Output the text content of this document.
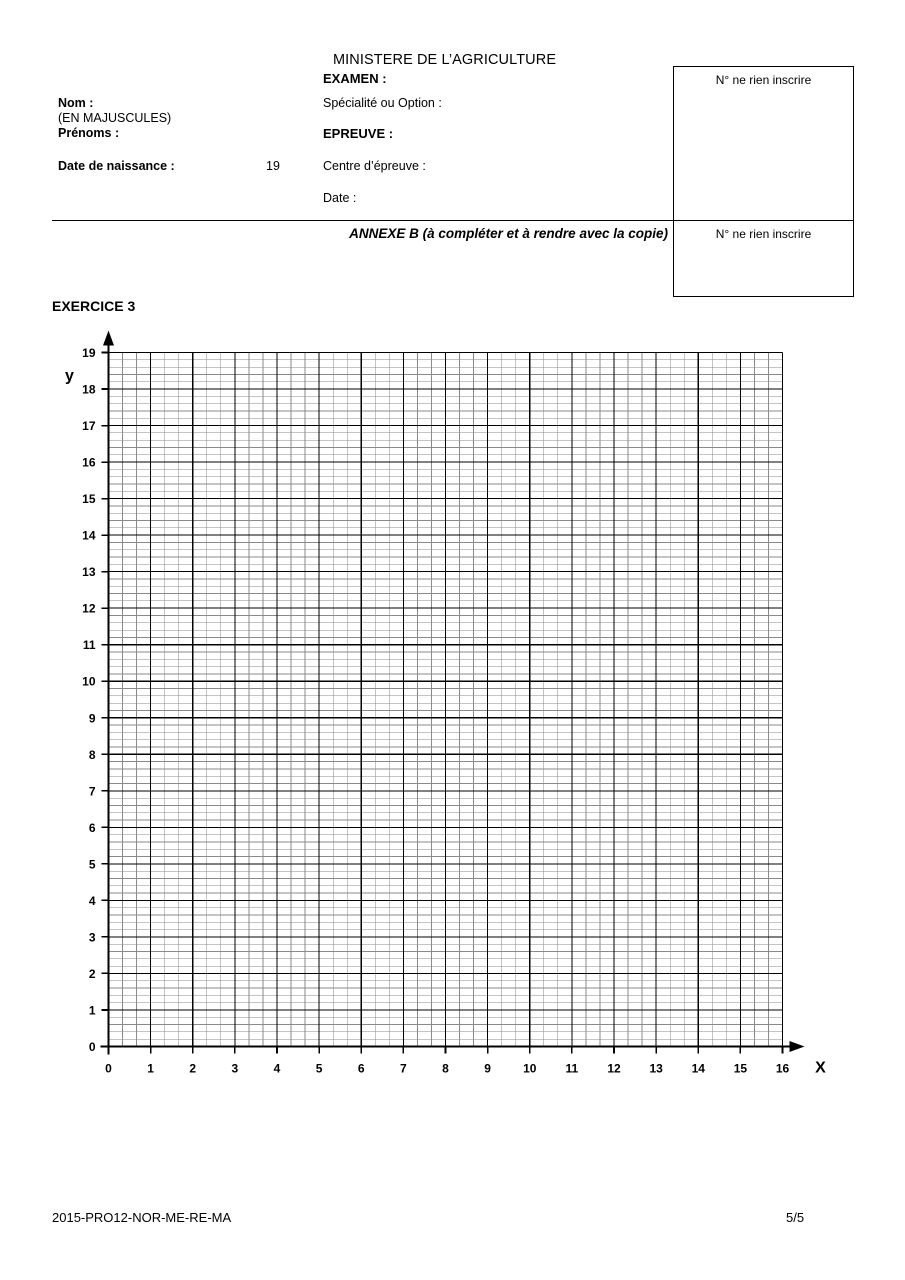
MINISTERE DE L’AGRICULTURE
EXAMEN :
Spécialité ou Option :
EPREUVE :
Centre d’épreuve :
Date :
Nom :
(EN MAJUSCULES)
Prénoms :
Date de naissance :	19
N° ne rien inscrire
N° ne rien inscrire
ANNEXE B (à compléter et à rendre avec la copie)
EXERCICE 3
0	1	2	3	4	5	6	7	8	9	10 11 12 13 14 15 16
0
1
2
3
4
5
6
7
8
9
10
11
12
13
14
15
16
17
18
19
X
y
2015-PRO12-NOR-ME-RE-MA	5/5
